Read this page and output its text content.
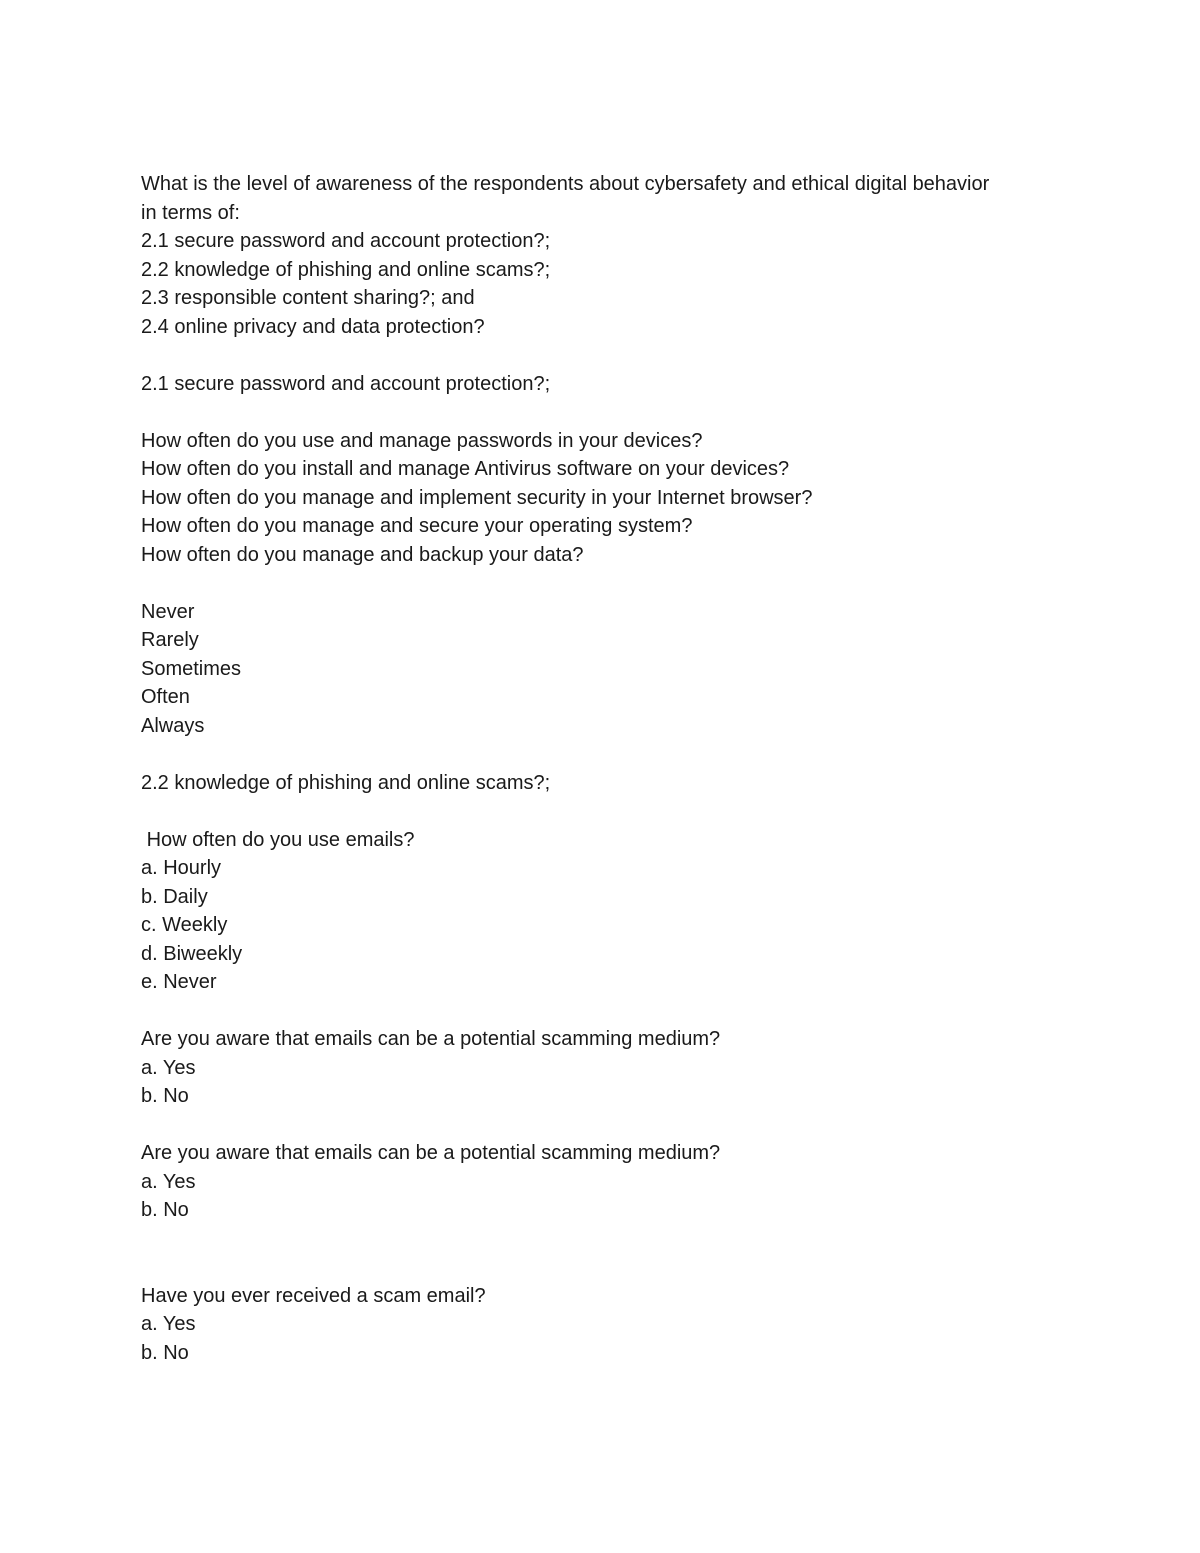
What is the level of awareness of the respondents about cybersafety and ethical digital behavior
in terms of:
2.1 secure password and account protection?;
2.2 knowledge of phishing and online scams?;
2.3 responsible content sharing?; and
2.4 online privacy and data protection?
2.1 secure password and account protection?;
How often do you use and manage passwords in your devices?
How often do you install and manage Antivirus software on your devices?
How often do you manage and implement security in your Internet browser?
How often do you manage and secure your operating system?
How often do you manage and backup your data?
Never
Rarely
Sometimes
Often
Always
2.2 knowledge of phishing and online scams?;
How often do you use emails?
a. Hourly
b. Daily
c. Weekly
d. Biweekly
e. Never
Are you aware that emails can be a potential scamming medium?
a. Yes
b. No
Are you aware that emails can be a potential scamming medium?
a. Yes
b. No
Have you ever received a scam email?
a. Yes
b. No
